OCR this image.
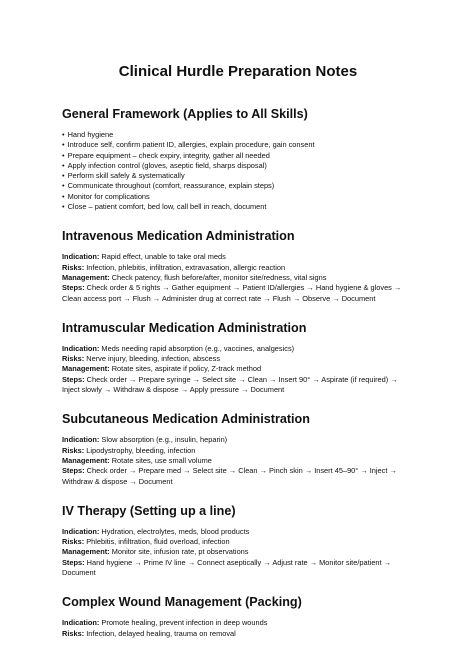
Clinical Hurdle Preparation Notes
General Framework (Applies to All Skills)
• Hand hygiene
• Introduce self, confirm patient ID, allergies, explain procedure, gain consent
• Prepare equipment – check expiry, integrity, gather all needed
• Apply infection control (gloves, aseptic field, sharps disposal)
• Perform skill safely & systematically
• Communicate throughout (comfort, reassurance, explain steps)
• Monitor for complications
• Close – patient comfort, bed low, call bell in reach, document
Intravenous Medication Administration

Indication: Rapid effect, unable to take oral meds

Risks: Infection, phlebitis, infiltration, extravasation, allergic reaction

Management: Check patency, flush before/after, monitor site/redness, vital signs

Steps: Check order & 5 rights → Gather equipment → Patient ID/allergies → Hand hygiene & gloves → Clean access port → Flush → Administer drug at correct rate → Flush → Observe → Document

Intramuscular Medication Administration

Indication: Meds needing rapid absorption (e.g., vaccines, analgesics)

Risks: Nerve injury, bleeding, infection, abscess

Management: Rotate sites, aspirate if policy, Z-track method

Steps: Check order → Prepare syringe → Select site → Clean → Insert 90° → Aspirate (if required) → Inject slowly → Withdraw & dispose → Apply pressure → Document

Subcutaneous Medication Administration

Indication: Slow absorption (e.g., insulin, heparin)

Risks: Lipodystrophy, bleeding, infection

Management: Rotate sites, use small volume

Steps: Check order → Prepare med → Select site → Clean → Pinch skin → Insert 45–90° → Inject → Withdraw & dispose → Document

IV Therapy (Setting up a line)

Indication: Hydration, electrolytes, meds, blood products

Risks: Phlebitis, infiltration, fluid overload, infection

Management: Monitor site, infusion rate, pt observations

Steps: Hand hygiene → Prime IV line → Connect aseptically → Adjust rate → Monitor site/patient → Document

Complex Wound Management (Packing)

Indication: Promote healing, prevent infection in deep wounds

Risks: Infection, delayed healing, trauma on removal
